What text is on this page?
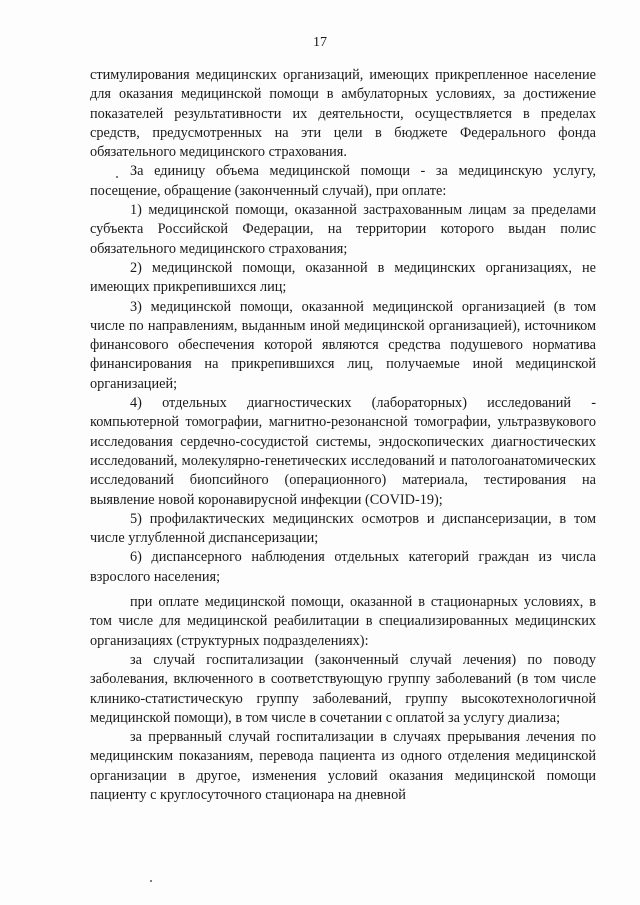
17

стимулирования медицинских организаций, имеющих прикрепленное население для оказания медицинской помощи в амбулаторных условиях, за достижение показателей результативности их деятельности, осуществляется в пределах средств, предусмотренных на эти цели в бюджете Федерального фонда обязательного медицинского страхования.

За единицу объема медицинской помощи - за медицинскую услугу, посещение, обращение (законченный случай), при оплате:

1) медицинской помощи, оказанной застрахованным лицам за пределами субъекта Российской Федерации, на территории которого выдан полис обязательного медицинского страхования;

2) медицинской помощи, оказанной в медицинских организациях, не имеющих прикрепившихся лиц;

3) медицинской помощи, оказанной медицинской организацией (в том числе по направлениям, выданным иной медицинской организацией), источником финансового обеспечения которой являются средства подушевого норматива финансирования на прикрепившихся лиц, получаемые иной медицинской организацией;

4) отдельных диагностических (лабораторных) исследований - компьютерной томографии, магнитно-резонансной томографии, ультразвукового исследования сердечно-сосудистой системы, эндоскопических диагностических исследований, молекулярно-генетических исследований и патологоанатомических исследований биопсийного (операционного) материала, тестирования на выявление новой коронавирусной инфекции (COVID-19);

5) профилактических медицинских осмотров и диспансеризации, в том числе углубленной диспансеризации;

6) диспансерного наблюдения отдельных категорий граждан из числа взрослого населения;

при оплате медицинской помощи, оказанной в стационарных условиях, в том числе для медицинской реабилитации в специализированных медицинских организациях (структурных подразделениях):

за случай госпитализации (законченный случай лечения) по поводу заболевания, включенного в соответствующую группу заболеваний (в том числе клинико-статистическую группу заболеваний, группу высокотехнологичной медицинской помощи), в том числе в сочетании с оплатой за услугу диализа;

за прерванный случай госпитализации в случаях прерывания лечения по медицинским показаниям, перевода пациента из одного отделения медицинской организации в другое, изменения условий оказания медицинской помощи пациенту с круглосуточного стационара на дневной
